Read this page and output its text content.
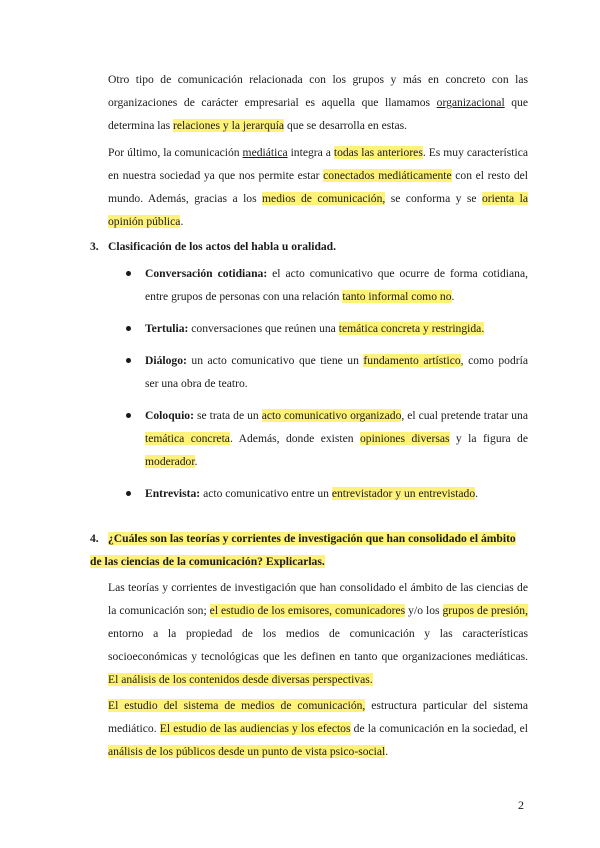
Otro tipo de comunicación relacionada con los grupos y más en concreto con las organizaciones de carácter empresarial es aquella que llamamos organizacional que determina las relaciones y la jerarquía que se desarrolla en estas.

Por último, la comunicación mediática integra a todas las anteriores. Es muy característica en nuestra sociedad ya que nos permite estar conectados mediáticamente con el resto del mundo. Además, gracias a los medios de comunicación, se conforma y se orienta la opinión pública.

3. Clasificación de los actos del habla u oralidad.

Conversación cotidiana: el acto comunicativo que ocurre de forma cotidiana, entre grupos de personas con una relación tanto informal como no.
Tertulia: conversaciones que reúnen una temática concreta y restringida.
Diálogo: un acto comunicativo que tiene un fundamento artístico, como podría ser una obra de teatro.
Coloquio: se trata de un acto comunicativo organizado, el cual pretende tratar una temática concreta. Además, donde existen opiniones diversas y la figura de moderador.
Entrevista: acto comunicativo entre un entrevistador y un entrevistado.

4. ¿Cuáles son las teorías y corrientes de investigación que han consolidado el ámbito de las ciencias de la comunicación? Explicarlas.

Las teorías y corrientes de investigación que han consolidado el ámbito de las ciencias de la comunicación son; el estudio de los emisores, comunicadores y/o los grupos de presión, entorno a la propiedad de los medios de comunicación y las características socioeconómicas y tecnológicas que les definen en tanto que organizaciones mediáticas. El análisis de los contenidos desde diversas perspectivas.

El estudio del sistema de medios de comunicación, estructura particular del sistema mediático. El estudio de las audiencias y los efectos de la comunicación en la sociedad, el análisis de los públicos desde un punto de vista psico-social.

2
